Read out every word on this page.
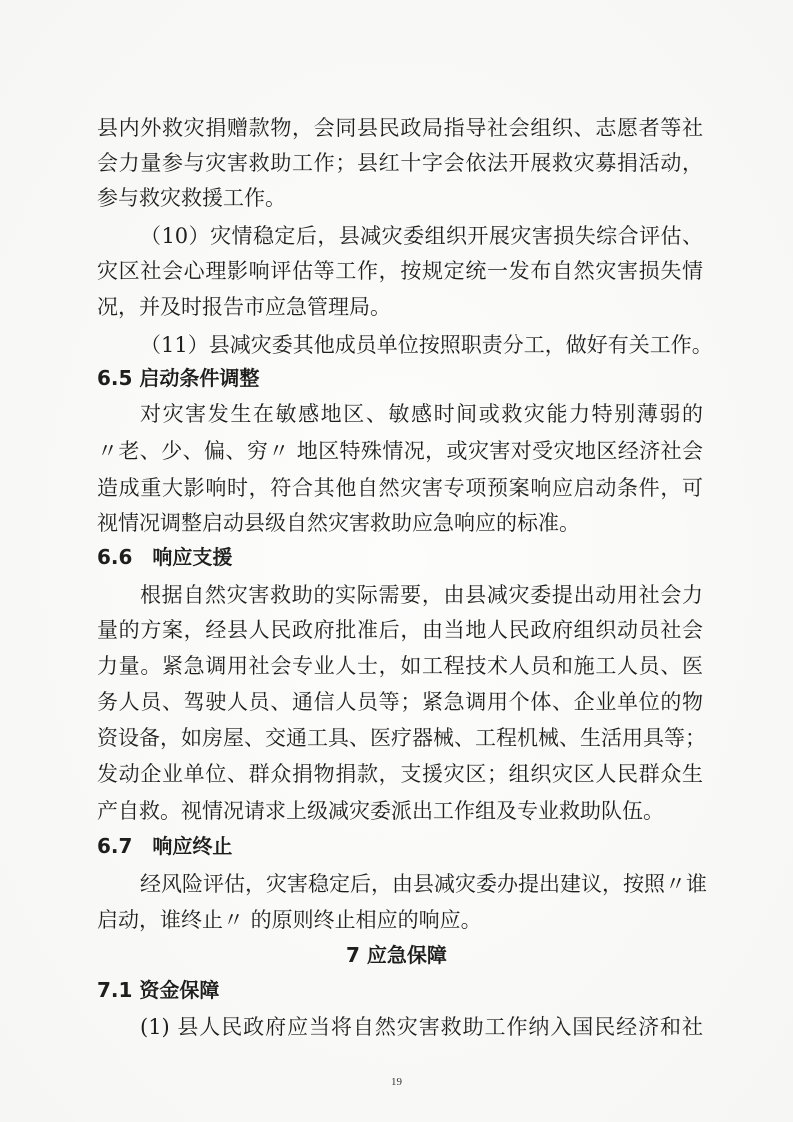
县内外救灾捐赠款物，会同县民政局指导社会组织、志愿者等社
会力量参与灾害救助工作；县红十字会依法开展救灾募捐活动，
参与救灾救援工作。
（10）灾情稳定后，县减灾委组织开展灾害损失综合评估、
灾区社会心理影响评估等工作，按规定统一发布自然灾害损失情
况，并及时报告市应急管理局。
（11）县减灾委其他成员单位按照职责分工，做好有关工作。
6.5 启动条件调整
对灾害发生在敏感地区、敏感时间或救灾能力特别薄弱的
〃老、少、偏、穷〃 地区特殊情况，或灾害对受灾地区经济社会
造成重大影响时，符合其他自然灾害专项预案响应启动条件，可
视情况调整启动县级自然灾害救助应急响应的标准。
6.6　响应支援
根据自然灾害救助的实际需要，由县减灾委提出动用社会力
量的方案，经县人民政府批准后，由当地人民政府组织动员社会
力量。紧急调用社会专业人士，如工程技术人员和施工人员、医
务人员、驾驶人员、通信人员等；紧急调用个体、企业单位的物
资设备，如房屋、交通工具、医疗器械、工程机械、生活用具等；
发动企业单位、群众捐物捐款，支援灾区；组织灾区人民群众生
产自救。视情况请求上级减灾委派出工作组及专业救助队伍。
6.7　响应终止
经风险评估，灾害稳定后，由县减灾委办提出建议，按照〃谁
启动，谁终止〃 的原则终止相应的响应。
7 应急保障
7.1 资金保障
(1) 县人民政府应当将自然灾害救助工作纳入国民经济和社
19
